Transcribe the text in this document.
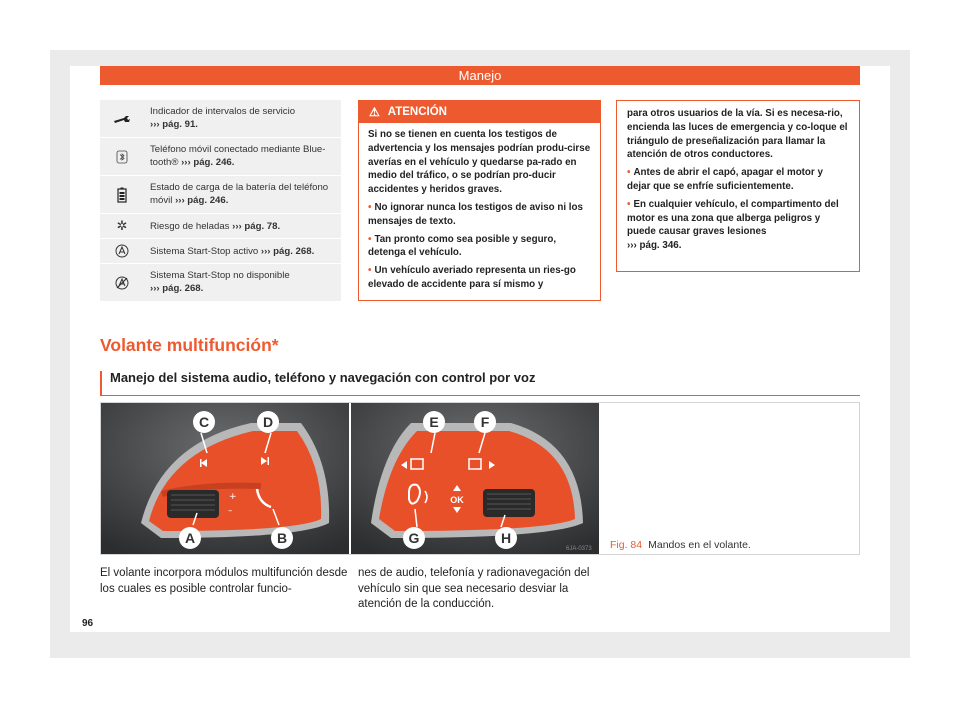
Manejo
Indicador de intervalos de servicio
››› pág. 91.
Teléfono móvil conectado mediante Blue-tooth® ››› pág. 246.
Estado de carga de la batería del teléfono móvil ››› pág. 246.
✲	Riesgo de heladas ››› pág. 78.
Sistema Start-Stop activo ››› pág. 268.
Sistema Start-Stop no disponible
››› pág. 268.
⚠ ATENCIÓN

Si no se tienen en cuenta los testigos de advertencia y los mensajes podrían produ-cirse averías en el vehículo y quedarse pa-rado en medio del tráfico, o se podrían pro-ducir accidentes y heridos graves.

• No ignorar nunca los testigos de aviso ni los mensajes de texto.

• Tan pronto como sea posible y seguro, detenga el vehículo.

• Un vehículo averiado representa un ries-go elevado de accidente para sí mismo y

para otros usuarios de la vía. Si es necesa-rio, encienda las luces de emergencia y co-loque el triángulo de preseñalización para llamar la atención de otros conductores.

• Antes de abrir el capó, apagar el motor y dejar que se enfríe suficientemente.

• En cualquier vehículo, el compartimento del motor es una zona que alberga peligros y puede causar graves lesiones
››› pág. 346.

Volante multifunción*
Manejo del sistema audio, teléfono y navegación con control por voz
+
–
C	D
A	B
OK
E	F
G	H
6JA-0373 Fig. 84 Mandos en el volante.
El volante incorpora módulos multifunción desde los cuales es posible controlar funcio-
nes de audio, telefonía y radionavegación del vehículo sin que sea necesario desviar la atención de la conducción.
96
